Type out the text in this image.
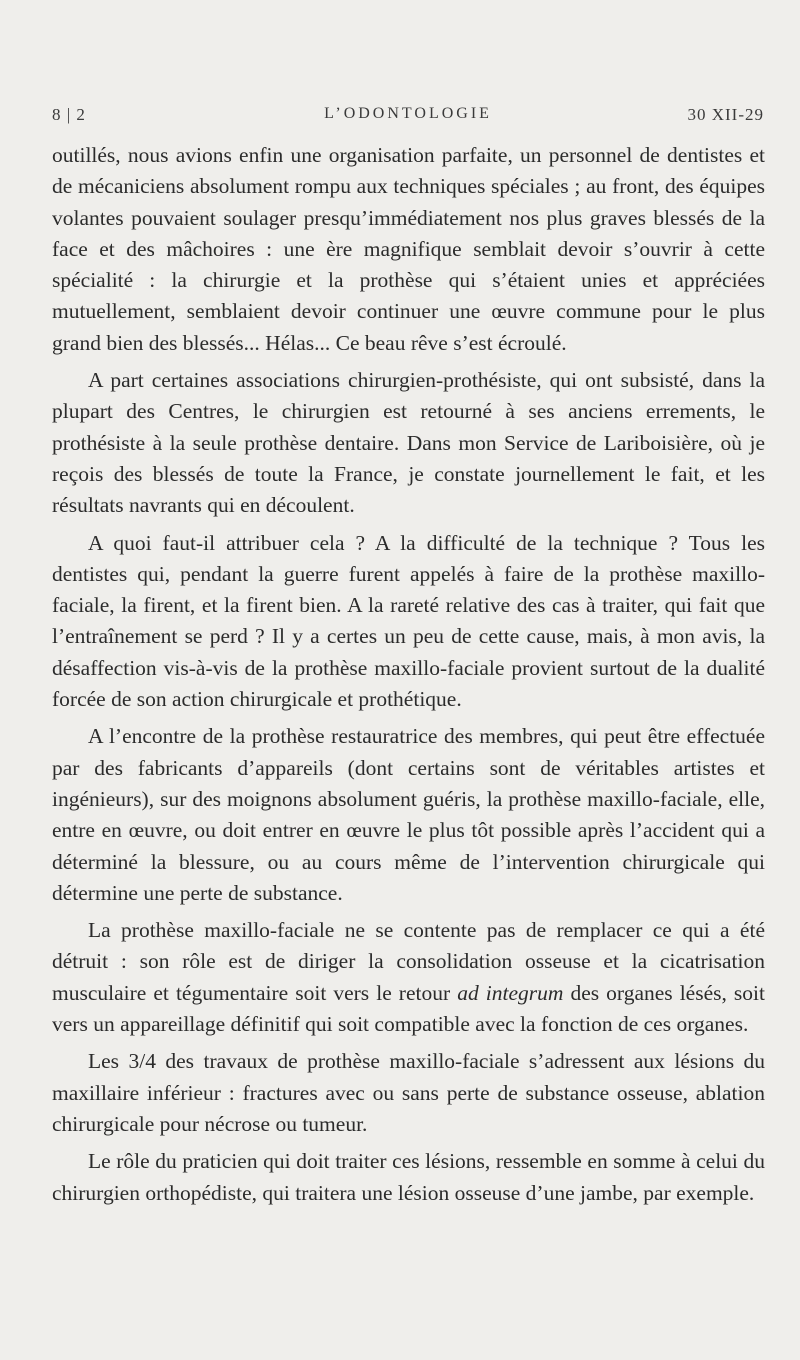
8 | 2	L’ODONTOLOGIE	30 XII-29

outillés, nous avions enfin une organisation parfaite, un personnel de dentistes et de mécaniciens absolument rompu aux techniques spéciales ; au front, des équipes volantes pouvaient soulager presqu’immédiatement nos plus graves blessés de la face et des mâchoires : une ère magnifique semblait devoir s’ouvrir à cette spécialité : la chirurgie et la prothèse qui s’étaient unies et appréciées mutuellement, semblaient devoir continuer une œuvre commune pour le plus grand bien des blessés... Hélas... Ce beau rêve s’est écroulé.

A part certaines associations chirurgien-prothésiste, qui ont subsisté, dans la plupart des Centres, le chirurgien est retourné à ses anciens errements, le prothésiste à la seule prothèse dentaire. Dans mon Service de Lariboisière, où je reçois des blessés de toute la France, je constate journellement le fait, et les résultats navrants qui en découlent.

A quoi faut-il attribuer cela ? A la difficulté de la technique ? Tous les dentistes qui, pendant la guerre furent appelés à faire de la prothèse maxillo-faciale, la firent, et la firent bien. A la rareté relative des cas à traiter, qui fait que l’entraînement se perd ? Il y a certes un peu de cette cause, mais, à mon avis, la désaffection vis-à-vis de la prothèse maxillo-faciale provient surtout de la dualité forcée de son action chirurgicale et prothétique.

A l’encontre de la prothèse restauratrice des membres, qui peut être effectuée par des fabricants d’appareils (dont certains sont de véritables artistes et ingénieurs), sur des moignons absolument guéris, la prothèse maxillo-faciale, elle, entre en œuvre, ou doit entrer en œuvre le plus tôt possible après l’accident qui a déterminé la blessure, ou au cours même de l’intervention chirurgicale qui détermine une perte de substance.

La prothèse maxillo-faciale ne se contente pas de remplacer ce qui a été détruit : son rôle est de diriger la consolidation osseuse et la cicatrisation musculaire et tégumentaire soit vers le retour ad integrum des organes lésés, soit vers un appareillage définitif qui soit compatible avec la fonction de ces organes.

Les 3/4 des travaux de prothèse maxillo-faciale s’adressent aux lésions du maxillaire inférieur : fractures avec ou sans perte de substance osseuse, ablation chirurgicale pour nécrose ou tumeur.

Le rôle du praticien qui doit traiter ces lésions, ressemble en somme à celui du chirurgien orthopédiste, qui traitera une lésion osseuse d’une jambe, par exemple.
